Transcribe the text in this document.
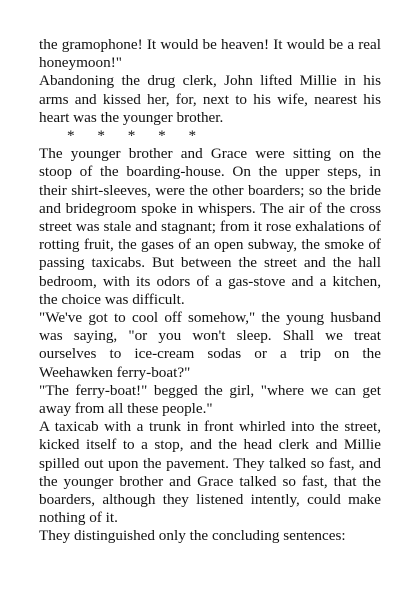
the gramophone! It would be heaven! It would be a real honeymoon!"

Abandoning the drug clerk, John lifted Millie in his arms and kissed her, for, next to his wife, nearest his heart was the younger brother.

*      *      *      *      *

The younger brother and Grace were sitting on the stoop of the boarding-house. On the upper steps, in their shirt-sleeves, were the other boarders; so the bride and bridegroom spoke in whispers. The air of the cross street was stale and stagnant; from it rose exhalations of rotting fruit, the gases of an open subway, the smoke of passing taxicabs. But between the street and the hall bedroom, with its odors of a gas-stove and a kitchen, the choice was difficult.

"We've got to cool off somehow," the young husband was saying, "or you won't sleep. Shall we treat ourselves to ice-cream sodas or a trip on the Weehawken ferry-boat?"

"The ferry-boat!" begged the girl, "where we can get away from all these people."

A taxicab with a trunk in front whirled into the street, kicked itself to a stop, and the head clerk and Millie spilled out upon the pavement. They talked so fast, and the younger brother and Grace talked so fast, that the boarders, although they listened intently, could make nothing of it.

They distinguished only the concluding sentences:
